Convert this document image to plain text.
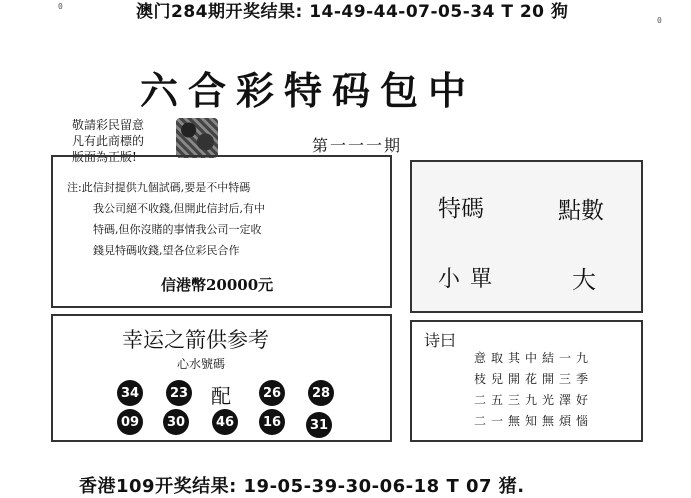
0
0
澳门284期开奖结果: 14-49-44-07-05-34 T 20 狗
六合彩特码包中
敬請彩民留意
凡有此商標的
版面為正版!
第一一一期
注:此信封提供九個試碼,要是不中特碼
我公司絕不收錢,但開此信封后,有中
特碼,但你沒賭的事情我公司一定收
錢見特碼收錢,望各位彩民合作
信港幣20000元
特碼	點數
小單	大
幸运之箭供参考
心水號碼
34	23 配	26	28
09	30	46	16	31
诗曰
意取其中結一九
枝兒開花開三季
二五三九光澤好
二一無知無煩惱
香港109开奖结果: 19-05-39-30-06-18 T 07 猪.
